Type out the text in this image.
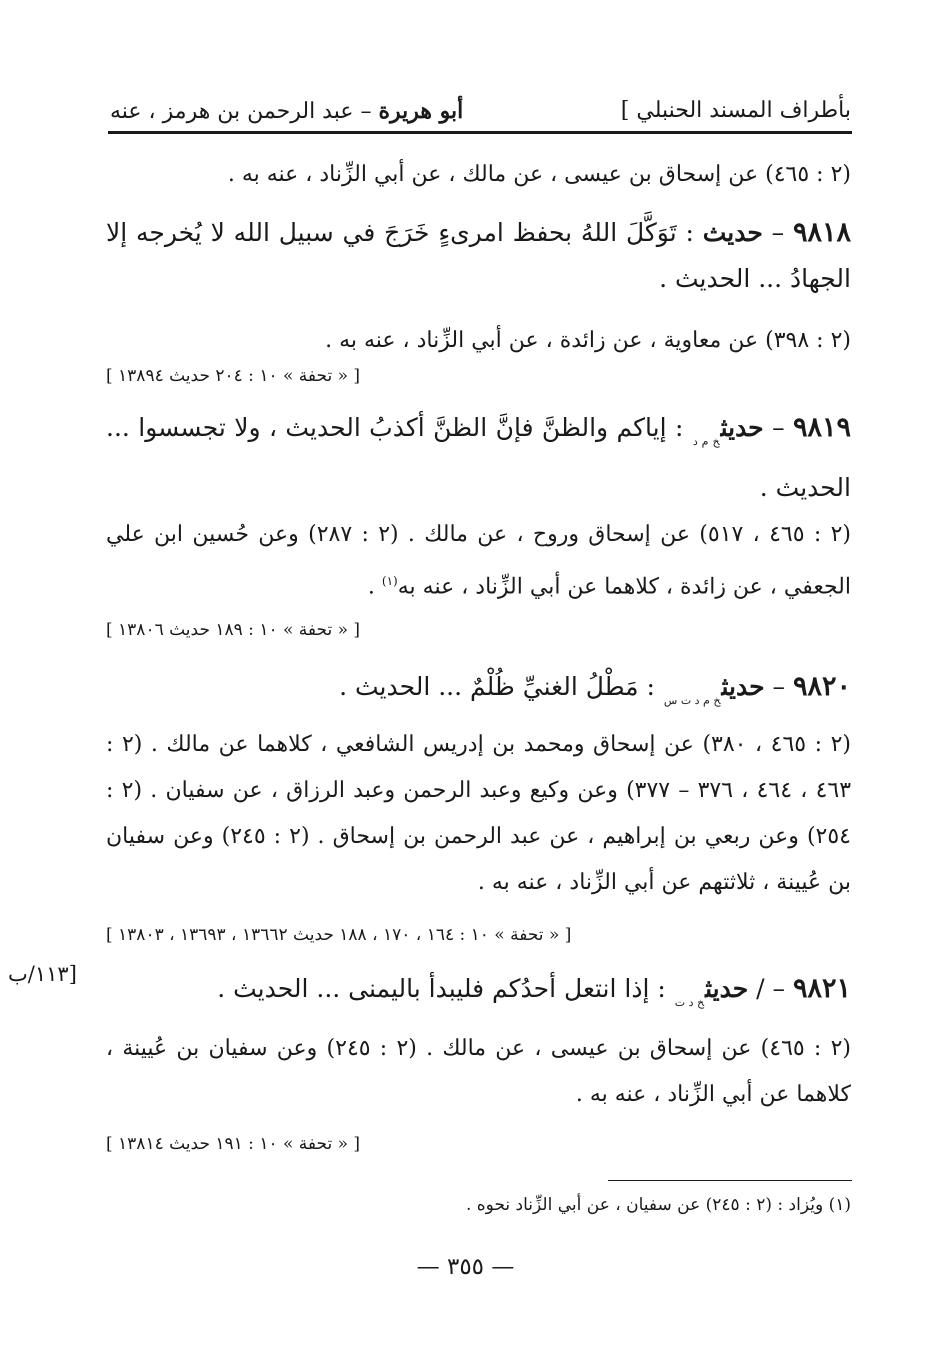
بأطراف المسند الحنبلي ]
أبو هريرة – عبد الرحمن بن هرمز ، عنه
(٢ : ٤٦٥) عن إسحاق بن عيسى ، عن مالك ، عن أبي الزِّناد ، عنه به .
٩٨١٨ – حديث : تَوَكَّلَ اللهُ بحفظ امرىءٍ خَرَجَ في سبيل الله لا يُخرجه إلا الجهادُ ... الحديث .
(٢ : ٣٩٨) عن معاوية ، عن زائدة ، عن أبي الزِّناد ، عنه به .
[ « تحفة » ١٠ : ٢٠٤ حديث ١٣٨٩٤ ]
٩٨١٩ – حديث$_{خ م د}$ : إياكم والظنَّ فإنَّ الظنَّ أكذبُ الحديث ، ولا تجسسوا ... الحديث .
(٢ : ٤٦٥ ، ٥١٧) عن إسحاق وروح ، عن مالك . (٢ : ٢٨٧) وعن حُسين ابن علي الجعفي ، عن زائدة ، كلاهما عن أبي الزِّناد ، عنه به$^{(١)}$ .
[ « تحفة » ١٠ : ١٨٩ حديث ١٣٨٠٦ ]
٩٨٢٠ – حديث$_{خ م د ت س}$ : مَطْلُ الغنيِّ ظُلْمٌ ... الحديث .
(٢ : ٤٦٥ ، ٣٨٠) عن إسحاق ومحمد بن إدريس الشافعي ، كلاهما عن مالك . (٢ : ٤٦٣ ، ٤٦٤ ، ٣٧٦ – ٣٧٧) وعن وكيع وعبد الرحمن وعبد الرزاق ، عن سفيان . (٢ : ٢٥٤) وعن ربعي بن إبراهيم ، عن عبد الرحمن بن إسحاق . (٢ : ٢٤٥) وعن سفيان بن عُيينة ، ثلاثتهم عن أبي الزِّناد ، عنه به .
[ « تحفة » ١٠ : ١٦٤ ، ١٧٠ ، ١٨٨ حديث ١٣٦٦٢ ، ١٣٦٩٣ ، ١٣٨٠٣ ]
[١١٣/ب	٩٨٢١ – / حديث$_{خ د ت}$ : إذا انتعل أحدُكم فليبدأ باليمنى ... الحديث .
(٢ : ٤٦٥) عن إسحاق بن عيسى ، عن مالك . (٢ : ٢٤٥) وعن سفيان بن عُيينة ، كلاهما عن أبي الزِّناد ، عنه به .
[ « تحفة » ١٠ : ١٩١ حديث ١٣٨١٤ ]
(١) ويُزاد : (٢ : ٢٤٥) عن سفيان ، عن أبي الزِّناد نحوه .
— ٣٥٥ —
